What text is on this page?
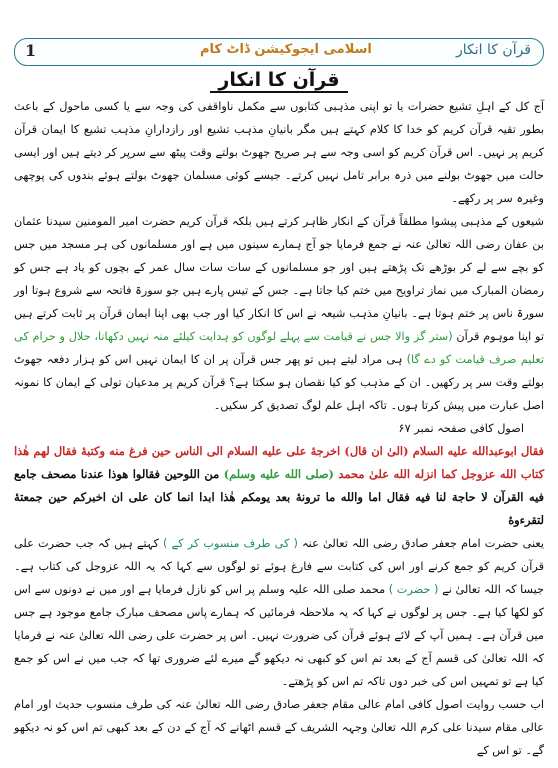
1	اسلامی ایجوکیشن ڈاٹ کام	قرآن کا انکار
قرآن کا انکار

آج کل کے اہلِ تشیع حضرات یا تو اپنی مذہبی کتابوں سے مکمل ناواقفی کی وجہ سے یا کسی ماحول کے باعث بطور تقیہ قرآن کریم کو خدا کا کلام کہتے ہیں مگر بانیانِ مذہب تشیع اور رازدارانِ مذہب تشیع کا ایمان قرآن کریم پر نہیں۔ اس قرآن کریم کو اسی وجہ سے ہر صریح جھوٹ بولتے وقت پیٹھ سے سرپر کر دیتے ہیں اور ایسی حالت میں جھوٹ بولنے میں ذرہ برابر تامل نہیں کرتے۔ جیسے کوئی مسلمان جھوٹ بولتے ہوئے بندوں کی پوچھی وغیرہ سر پر رکھے۔

شیعوں کے مذہبی پیشوا مطلقاً قرآن کے انکار ظاہر کرتے ہیں بلکہ قرآن کریم حضرت امیر المومنین سیدنا عثمان بن عفان رضی اللہ تعالیٰ عنہ نے جمع فرمایا جو آج ہمارے سینوں میں ہے اور مسلمانوں کی ہر مسجد میں جس کو بچے سے لے کر بوڑھے تک پڑھتے ہیں اور جو مسلمانوں کے سات سات سال عمر کے بچوں کو یاد ہے جس کو رمضان المبارک میں نماز تراویح میں ختم کیا جاتا ہے۔ جس کے تیس پارے ہیں جو سورۃ فاتحہ سے شروع ہوتا اور سورۃ ناس پر ختم ہوتا ہے۔ بانیانِ مذہب شیعہ نے اس کا انکار کیا اور جب بھی اپنا ایمان قرآن پر ثابت کرتے ہیں تو اپنا موہوم قرآن (ستر گز والا جس نے قیامت سے پہلے لوگوں کو ہدایت کیلئے منہ نہیں دکھانا، حلال و حرام کی تعلیم صرف قیامت کو دے گا) ہی مراد لیتے ہیں تو پھر جس قرآن پر ان کا ایمان نہیں اس کو ہزار دفعہ جھوٹ بولتے وقت سر پر رکھیں۔ ان کے مذہب کو کیا نقصان ہو سکتا ہے؟ قرآن کریم پر مدعیان تولی کے ایمان کا نمونہ اصل عبارت میں پیش کرتا ہوں۔ تاکہ اہل علم لوگ تصدیق کر سکیں۔

اصول کافی صفحہ نمبر ۶۷

فقال ابوعبدالله علیه السلام (الیٰ ان قال) اخرجهٔ علی علیه السلام الی الناس حین فرغ منه وکتبهٔ فقال لهم هٰذا کتاب الله عزوجل کما انزله الله علیٰ محمد (صلی الله علیه وسلم) من اللوحین فقالوا هوذا عندنا مصحف جامع فیه القرآن لا حاجة لنا فیه فقال اما والله ما ترونهٔ بعد یومکم هٰذا ابدا انما کان علی ان اخبرکم حین جمعتهٔ لتقرءوهٔ

یعنی حضرت امام جعفر صادق رضی اللہ تعالیٰ عنہ ( کی طرف منسوب کر کے ) کہتے ہیں کہ جب حضرت علی قرآن کریم کو جمع کرنے اور اس کی کتابت سے فارغ ہوئے تو لوگوں سے کہا کہ یہ اللہ عزوجل کی کتاب ہے۔ جیسا کہ اللہ تعالیٰ نے ( حضرت ) محمد صلی اللہ علیہ وسلم پر اس کو نازل فرمایا ہے اور میں نے دونوں سے اس کو لکھا کیا ہے۔ جس پر لوگوں نے کہا کہ یہ ملاحظہ فرمائیں کہ ہمارے پاس مصحف مبارک جامع موجود ہے جس میں قرآن ہے۔ ہمیں آپ کے لائے ہوئے قرآن کی ضرورت نہیں۔ اس پر حضرت علی رضی اللہ تعالیٰ عنہ نے فرمایا کہ اللہ تعالیٰ کی قسم آج کے بعد تم اس کو کبھی نہ دیکھو گے میرے لئے ضروری تھا کہ جب میں نے اس کو جمع کیا ہے تو تمہیں اس کی خبر دوں تاکہ تم اس کو پڑھتے۔

اب حسب روایت اصول کافی امام عالی مقام جعفر صادق رضی اللہ تعالیٰ عنہ کی طرف منسوب حدیث اور امام عالی مقام سیدنا علی کرم اللہ تعالیٰ وجہہ الشریف کے قسم اٹھانے کہ آج کے دن کے بعد کبھی تم اس کو نہ دیکھو گے۔ تو اس کے
